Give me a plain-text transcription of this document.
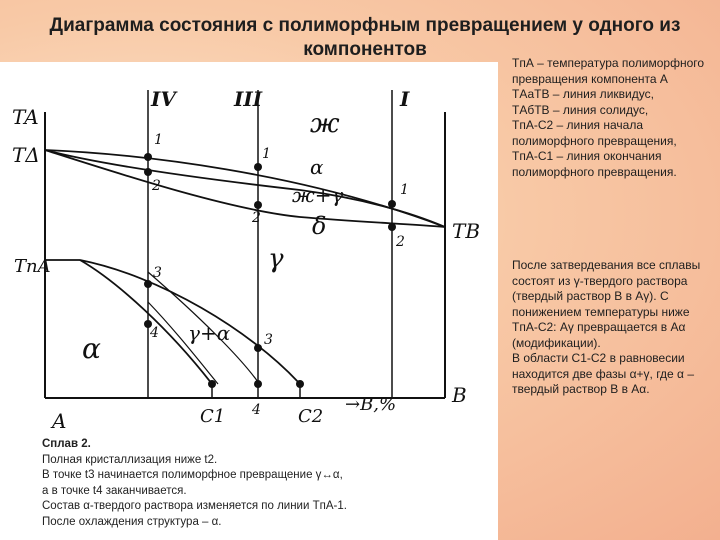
Диаграмма состояния с полиморфным превращением у одного из компонентов
TA
TΔ
TB
TпA
A
B
→B,%
IV	III	I
ж
α
ж+γ
δ
γ
α	γ+α
1
2
1
2
1
2
3
4	3
4
C1	C2
Сплав 2.
Полная кристаллизация ниже t2.
В точке t3 начинается полиморфное превращение γ↔α,
а в точке t4 заканчивается.
Состав α-твердого раствора изменяется по линии TпА-1.
После охлаждения структура – α.
TпА – температура полиморфного превращения компонента А
TАаТВ – линия ликвидус,
TАбТВ – линия солидус,
TпА-С2 – линия начала полиморфного превращения,
TпА-С1 – линия окончания полиморфного превращения.
После затвердевания все сплавы состоят из γ-твердого раствора (твердый раствор В в Аγ). С понижением температуры ниже TпА-С2: Аγ превращается в Аα (модификации).
В области С1-С2 в равновесии находится две фазы α+γ, где α – твердый раствор В в Аα.
